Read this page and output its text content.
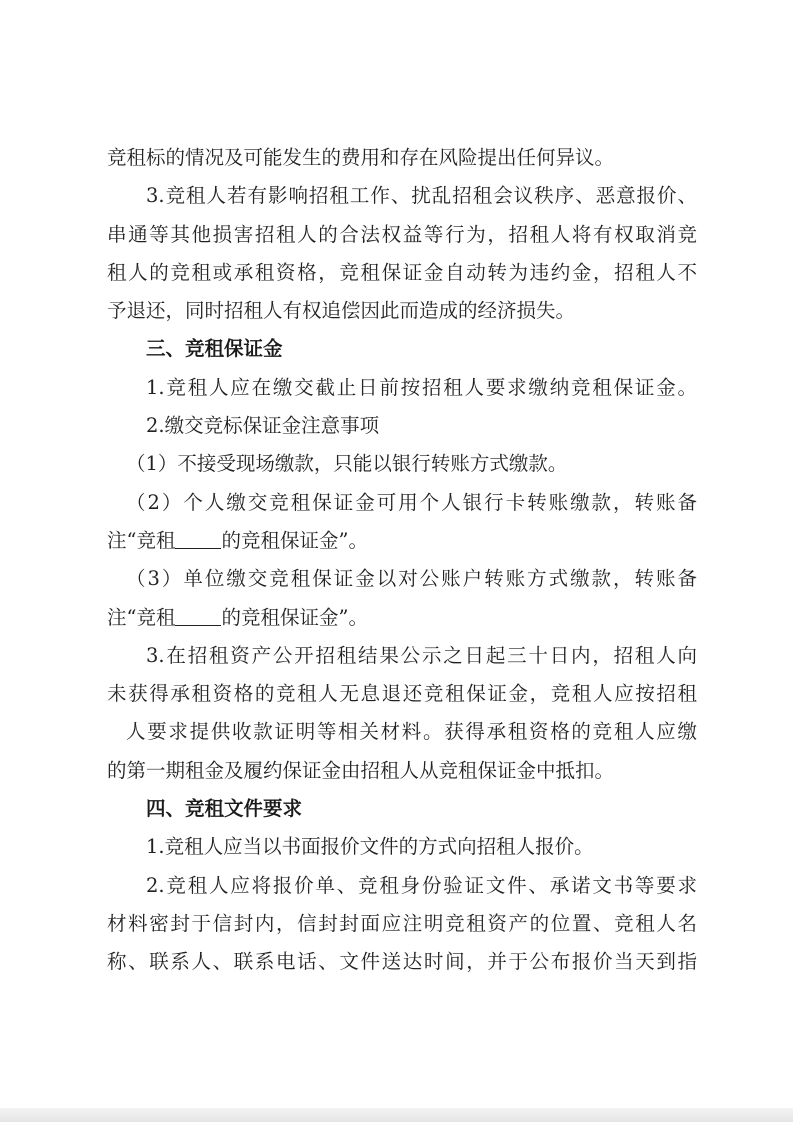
竞租标的情况及可能发生的费用和存在风险提出任何异议。
3.竞租人若有影响招租工作、扰乱招租会议秩序、恶意报价、
串通等其他损害招租人的合法权益等行为，招租人将有权取消竞
租人的竞租或承租资格，竞租保证金自动转为违约金，招租人不
予退还，同时招租人有权追偿因此而造成的经济损失。
三、竞租保证金
1.竞租人应在缴交截止日前按招租人要求缴纳竞租保证金。
2.缴交竞标保证金注意事项
（1）不接受现场缴款，只能以银行转账方式缴款。
（2）个人缴交竞租保证金可用个人银行卡转账缴款，转账备
注“竞租 的竞租保证金”。
（3）单位缴交竞租保证金以对公账户转账方式缴款，转账备
注“竞租 的竞租保证金”。
3.在招租资产公开招租结果公示之日起三十日内，招租人向
未获得承租资格的竞租人无息退还竞租保证金，竞租人应按招租
人要求提供收款证明等相关材料。获得承租资格的竞租人应缴
的第一期租金及履约保证金由招租人从竞租保证金中抵扣。
四、竞租文件要求
1.竞租人应当以书面报价文件的方式向招租人报价。
2.竞租人应将报价单、竞租身份验证文件、承诺文书等要求
材料密封于信封内，信封封面应注明竞租资产的位置、竞租人名
称、联系人、联系电话、文件送达时间，并于公布报价当天到指
